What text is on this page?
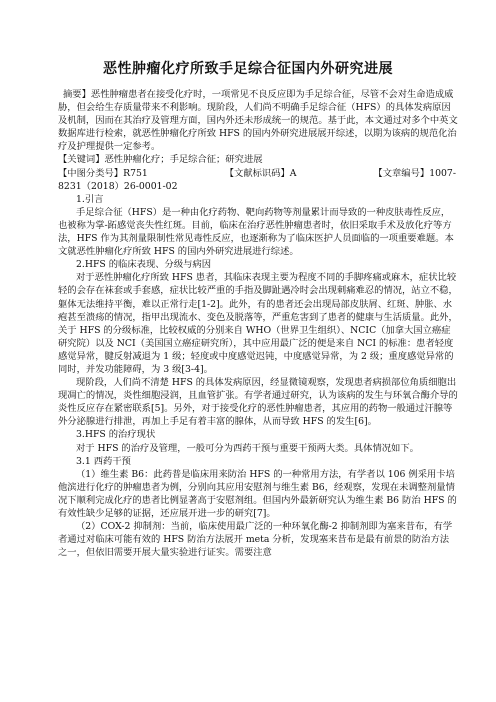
恶性肿瘤化疗所致手足综合征国内外研究进展

摘要】恶性肿瘤患者在接受化疗时，一项常见不良反应即为手足综合征，尽管不会对生命造成威胁，但会给生存质量带来不利影响。现阶段，人们尚不明确手足综合征（HFS）的具体发病原因及机制，因而在其治疗及管理方面，国内外还未形成统一的规范。基于此，本文通过对多个中英文数据库进行检索，就恶性肿瘤化疗所致 HFS 的国内外研究进展展开综述，以期为该病的规范化治疗及护理提供一定参考。

【关键词】恶性肿瘤化疗；手足综合征；研究进展

【中图分类号】R751	【文献标识码】A	【文章编号】1007-

8231（2018）26-0001-02

1.引言

手足综合征（HFS）是一种由化疗药物、靶向药物等剂量累计而导致的一种皮肤毒性反应，也被称为掌-跖感觉丧失性红斑。目前，临床在治疗恶性肿瘤患者时，依旧采取手术及放化疗等方法，HFS 作为其剂量限制性常见毒性反应，也逐渐称为了临床医护人员面临的一项重要难题。本文就恶性肿瘤化疗所致 HFS 的国内外研究进展进行综述。

2.HFS 的临床表现、分级与病因

对于恶性肿瘤化疗所致 HFS 患者，其临床表现主要为程度不同的手脚疼痛或麻木，症状比较轻的会存在袜套或手套感，症状比较严重的手指及脚趾遇冷时会出现刺痛难忍的情况，站立不稳，躯体无法维持平衡，难以正常行走[1-2]。此外，有的患者还会出现局部皮肤屑、红斑、肿胀、水疱甚至溃疡的情况，指甲出现流水、变色及脱落等，严重危害到了患者的健康与生活质量。此外，关于 HFS 的分级标准，比较权威的分别来自 WHO（世界卫生组织）、NCIC（加拿大国立癌症研究院）以及 NCI（美国国立癌症研究所），其中应用最广泛的便是来自 NCI 的标准：患者轻度感觉异常，腱反射减退为 1 级；轻度或中度感觉迟钝，中度感觉异常，为 2 级；重度感觉异常的同时，并发功能障碍，为 3 级[3-4]。

现阶段，人们尚不清楚 HFS 的具体发病原因，经显微镜观察，发现患者病损部位角质细胞出现凋亡的情况，炎性细胞浸润，且血管扩张。有学者通过研究，认为该病的发生与环氧合酶介导的炎性反应存在紧密联系[5]。另外，对于接受化疗的恶性肿瘤患者，其应用的药物一般通过汗腺等外分泌腺进行排泄，再加上手足有着丰富的腺体，从而导致 HFS 的发生[6]。

3.HFS 的治疗现状

对于 HFS 的治疗及管理，一般可分为西药干预与重要干预两大类。具体情况如下。

3.1 西药干预

（1）维生素 B6：此药普是临床用来防治 HFS 的一种常用方法，有学者以 106 例采用卡培他滨进行化疗的肿瘤患者为例，分别向其应用安慰剂与维生素 B6，经观察，发现在未调整剂量情况下顺利完成化疗的患者比例显著高于安慰剂组。但国内外最新研究认为维生素 B6 防治 HFS 的有效性缺少足够的证据，还应展开进一步的研究[7]。

（2）COX-2 抑制剂：当前，临床使用最广泛的一种环氧化酶-2 抑制剂即为塞来昔布，有学者通过对临床可能有效的 HFS 防治方法展开 meta 分析，发现塞来昔布是最有前景的防治方法之一，但依旧需要开展大量实验进行证实。需要注意
